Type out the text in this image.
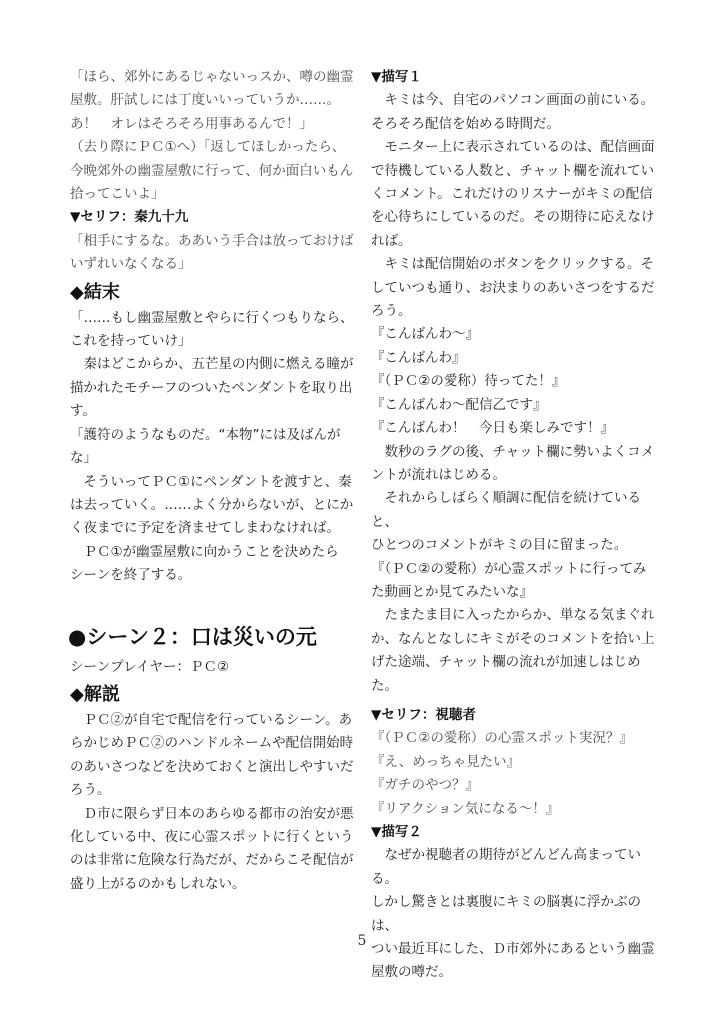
「ほら、郊外にあるじゃないっスか、噂の幽霊

屋敷。肝試しには丁度いいっていうか……。

あ！　オレはそろそろ用事あるんで！」

（去り際にＰＣ①へ）「返してほしかったら、

今晩郊外の幽霊屋敷に行って、何か面白いもん

拾ってこいよ」

▼セリフ：秦九十九

「相手にするな。ああいう手合は放っておけば

いずれいなくなる」

◆結末

「……もし幽霊屋敷とやらに行くつもりなら、

これを持っていけ」

　秦はどこからか、五芒星の内側に燃える瞳が

描かれたモチーフのついたペンダントを取り出

す。

「護符のようなものだ。“本物”には及ばんが

な」

　そういってＰＣ①にペンダントを渡すと、秦

は去っていく。……よく分からないが、とにか

く夜までに予定を済ませてしまわなければ。

　ＰＣ①が幽霊屋敷に向かうことを決めたら

シーンを終了する。

●シーン２：口は災いの元

シーンプレイヤー：ＰＣ②

◆解説

　ＰＣ②が自宅で配信を行っているシーン。あ

らかじめＰＣ②のハンドルネームや配信開始時

のあいさつなどを決めておくと演出しやすいだ

ろう。

　Ｄ市に限らず日本のあらゆる都市の治安が悪

化している中、夜に心霊スポットに行くという

のは非常に危険な行為だが、だからこそ配信が

盛り上がるのかもしれない。

▼描写１

　キミは今、自宅のパソコン画面の前にいる。

そろそろ配信を始める時間だ。

　モニター上に表示されているのは、配信画面

で待機している人数と、チャット欄を流れてい

くコメント。これだけのリスナーがキミの配信

を心待ちにしているのだ。その期待に応えなけ

れば。

　キミは配信開始のボタンをクリックする。そ

していつも通り、お決まりのあいさつをするだ

ろう。

『こんばんわ～』

『こんばんわ』

『（ＰＣ②の愛称）待ってた！』

『こんばんわ～配信乙です』

『こんばんわ！　今日も楽しみです！』

　数秒のラグの後、チャット欄に勢いよくコメ

ントが流れはじめる。

　それからしばらく順調に配信を続けていると、

ひとつのコメントがキミの目に留まった。

『（ＰＣ②の愛称）が心霊スポットに行ってみ

た動画とか見てみたいな』

　たまたま目に入ったからか、単なる気まぐれ

か、なんとなしにキミがそのコメントを拾い上

げた途端、チャット欄の流れが加速しはじめた。

▼セリフ：視聴者

『（ＰＣ②の愛称）の心霊スポット実況？』

『え、めっちゃ見たい』

『ガチのやつ？』

『リアクション気になる～！』

▼描写２

　なぜか視聴者の期待がどんどん高まっている。

しかし驚きとは裏腹にキミの脳裏に浮かぶのは、

つい最近耳にした、Ｄ市郊外にあるという幽霊

屋敷の噂だ。

5
